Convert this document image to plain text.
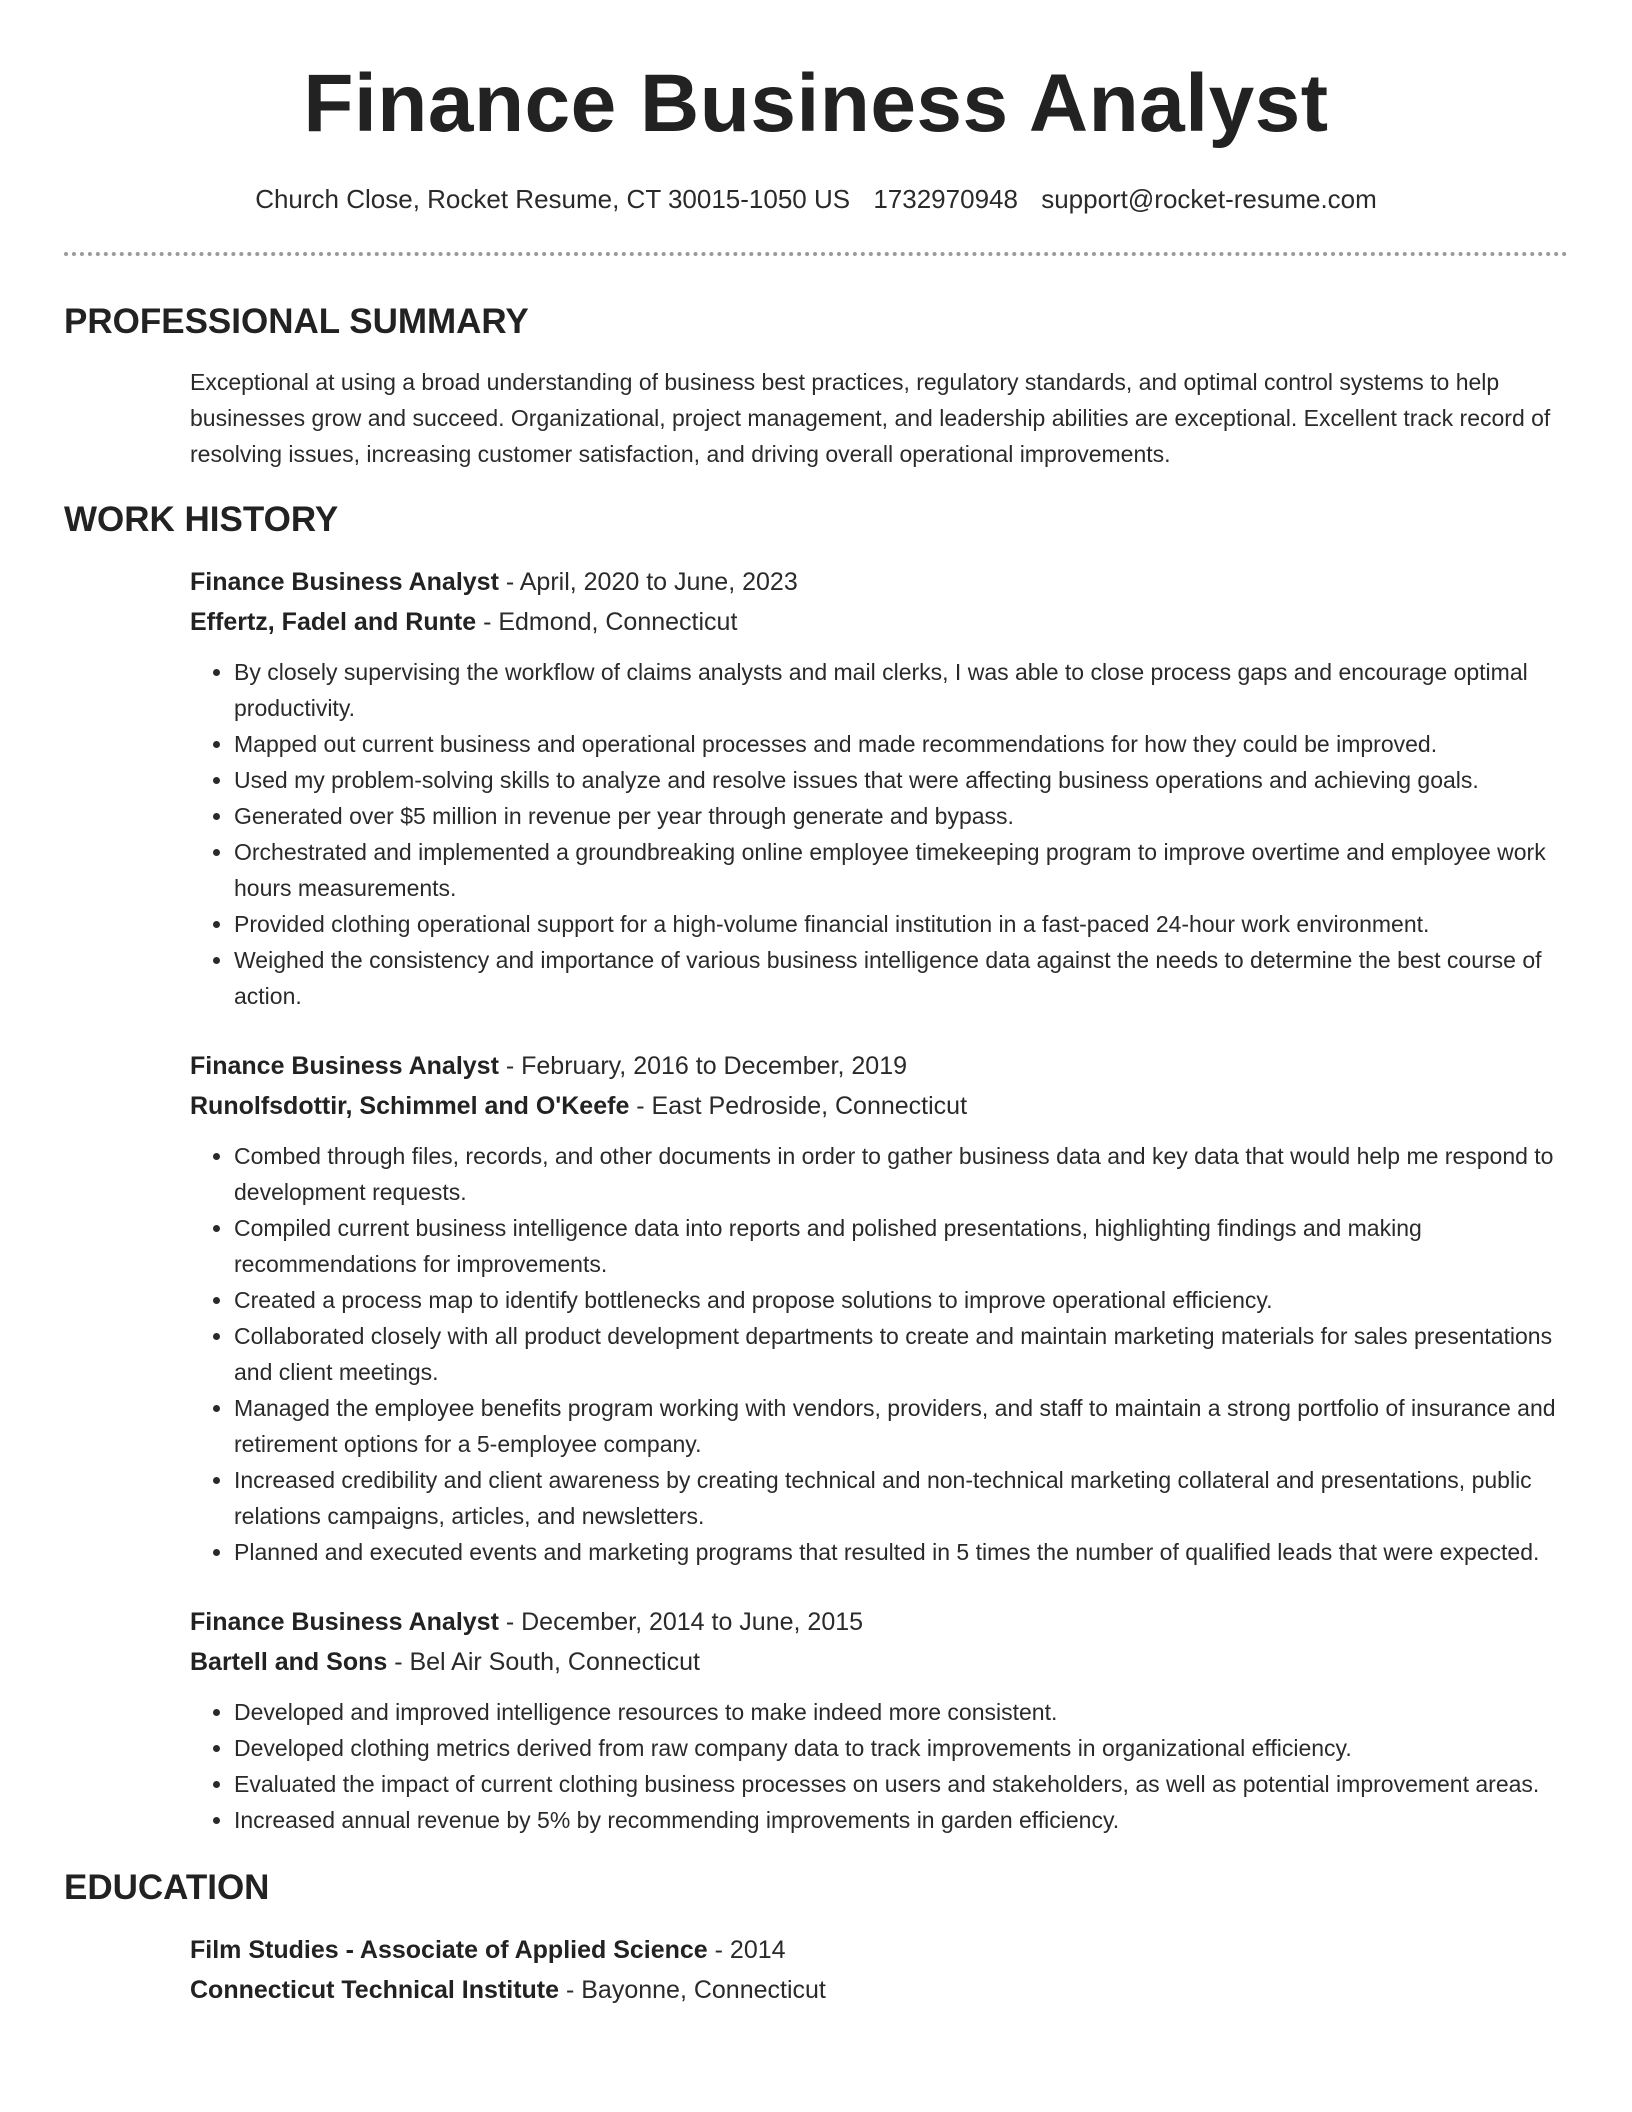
Finance Business Analyst
Church Close, Rocket Resume, CT 30015-1050 US 1732970948 support@rocket-resume.com
PROFESSIONAL SUMMARY

Exceptional at using a broad understanding of business best practices, regulatory standards, and optimal control systems to help businesses grow and succeed. Organizational, project management, and leadership abilities are exceptional. Excellent track record of resolving issues, increasing customer satisfaction, and driving overall operational improvements.

WORK HISTORY
Finance Business Analyst - April, 2020 to June, 2023
Effertz, Fadel and Runte - Edmond, Connecticut
• By closely supervising the workflow of claims analysts and mail clerks, I was able to close process gaps and encourage optimal productivity.
• Mapped out current business and operational processes and made recommendations for how they could be improved.
• Used my problem-solving skills to analyze and resolve issues that were affecting business operations and achieving goals.
• Generated over $5 million in revenue per year through generate and bypass.
• Orchestrated and implemented a groundbreaking online employee timekeeping program to improve overtime and employee work hours measurements.
• Provided clothing operational support for a high-volume financial institution in a fast-paced 24-hour work environment.
• Weighed the consistency and importance of various business intelligence data against the needs to determine the best course of action.
Finance Business Analyst - February, 2016 to December, 2019
Runolfsdottir, Schimmel and O'Keefe - East Pedroside, Connecticut
• Combed through files, records, and other documents in order to gather business data and key data that would help me respond to development requests.
• Compiled current business intelligence data into reports and polished presentations, highlighting findings and making recommendations for improvements.
• Created a process map to identify bottlenecks and propose solutions to improve operational efficiency.
• Collaborated closely with all product development departments to create and maintain marketing materials for sales presentations and client meetings.
• Managed the employee benefits program working with vendors, providers, and staff to maintain a strong portfolio of insurance and retirement options for a 5-employee company.
• Increased credibility and client awareness by creating technical and non-technical marketing collateral and presentations, public relations campaigns, articles, and newsletters.
• Planned and executed events and marketing programs that resulted in 5 times the number of qualified leads that were expected.
Finance Business Analyst - December, 2014 to June, 2015
Bartell and Sons - Bel Air South, Connecticut
• Developed and improved intelligence resources to make indeed more consistent.
• Developed clothing metrics derived from raw company data to track improvements in organizational efficiency.
• Evaluated the impact of current clothing business processes on users and stakeholders, as well as potential improvement areas.
• Increased annual revenue by 5% by recommending improvements in garden efficiency.
EDUCATION
Film Studies - Associate of Applied Science - 2014
Connecticut Technical Institute - Bayonne, Connecticut
